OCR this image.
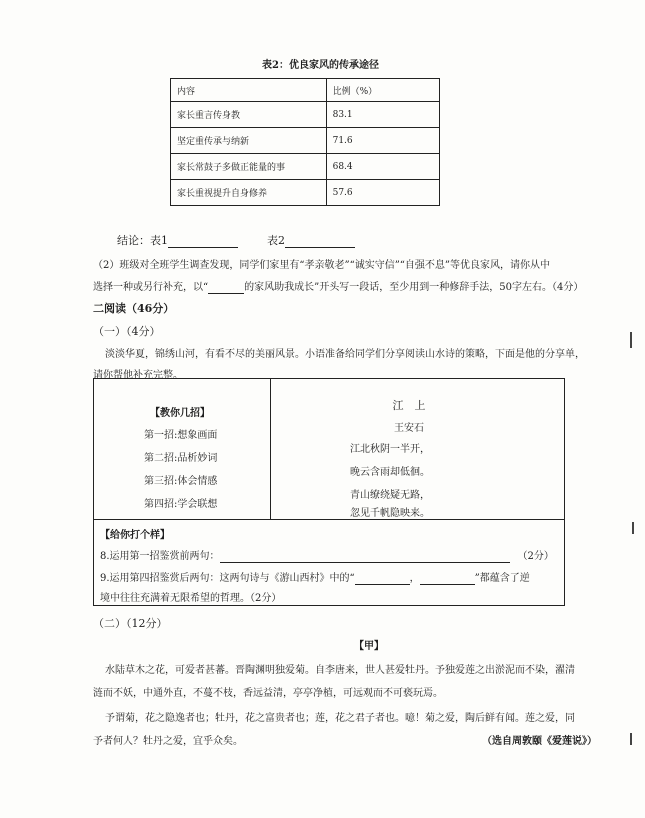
表2：优良家风的传承途径
内容	比例（%）
家长重言传身教	83.1
坚定重传承与纳新	71.6
家长常鼓子多做正能量的事	68.4
家长重视提升自身修养	57.6
结论：表1	表2
（2）班级对全班学生调查发现，同学们家里有“孝亲敬老”“诚实守信”“自强不息”等优良家风，请你从中
选择一种或另行补充，以“	的家风助我成长”开头写一段话，至少用到一种修辞手法，50字左右。（4分）
二阅读（46分）
（一）（4分）
淡淡华夏，锦绣山河，有看不尽的美丽风景。小语准备给同学们分享阅读山水诗的策略，下面是他的分享单，
请你帮他补充完整。
【教你几招】
第一招:想象画面
第二招:品析妙词
第三招:体会情感
第四招:学会联想
江　上
王安石
江北秋阴一半开，
晚云含雨却低徊。
青山缭绕疑无路，
忽见千帆隐映来。
【给你打个样】
8.运用第一招鉴赏前两句：	（2分）
9.运用第四招鉴赏后两句：这两句诗与《游山西村》中的“	，	”都蕴含了逆
境中往往充满着无限希望的哲理。（2分）
（二）（12分）
【甲】
水陆草木之花，可爱者甚蕃。晋陶渊明独爱菊。自李唐来，世人甚爱牡丹。予独爱莲之出淤泥而不染，濯清
涟而不妖，中通外直，不蔓不枝，香远益清，亭亭净植，可远观而不可亵玩焉。
予谓菊，花之隐逸者也；牡丹，花之富贵者也；莲，花之君子者也。噫！菊之爱，陶后鲜有闻。莲之爱，同
予者何人？牡丹之爱，宜乎众矣。	（选自周敦颐《爱莲说》）
